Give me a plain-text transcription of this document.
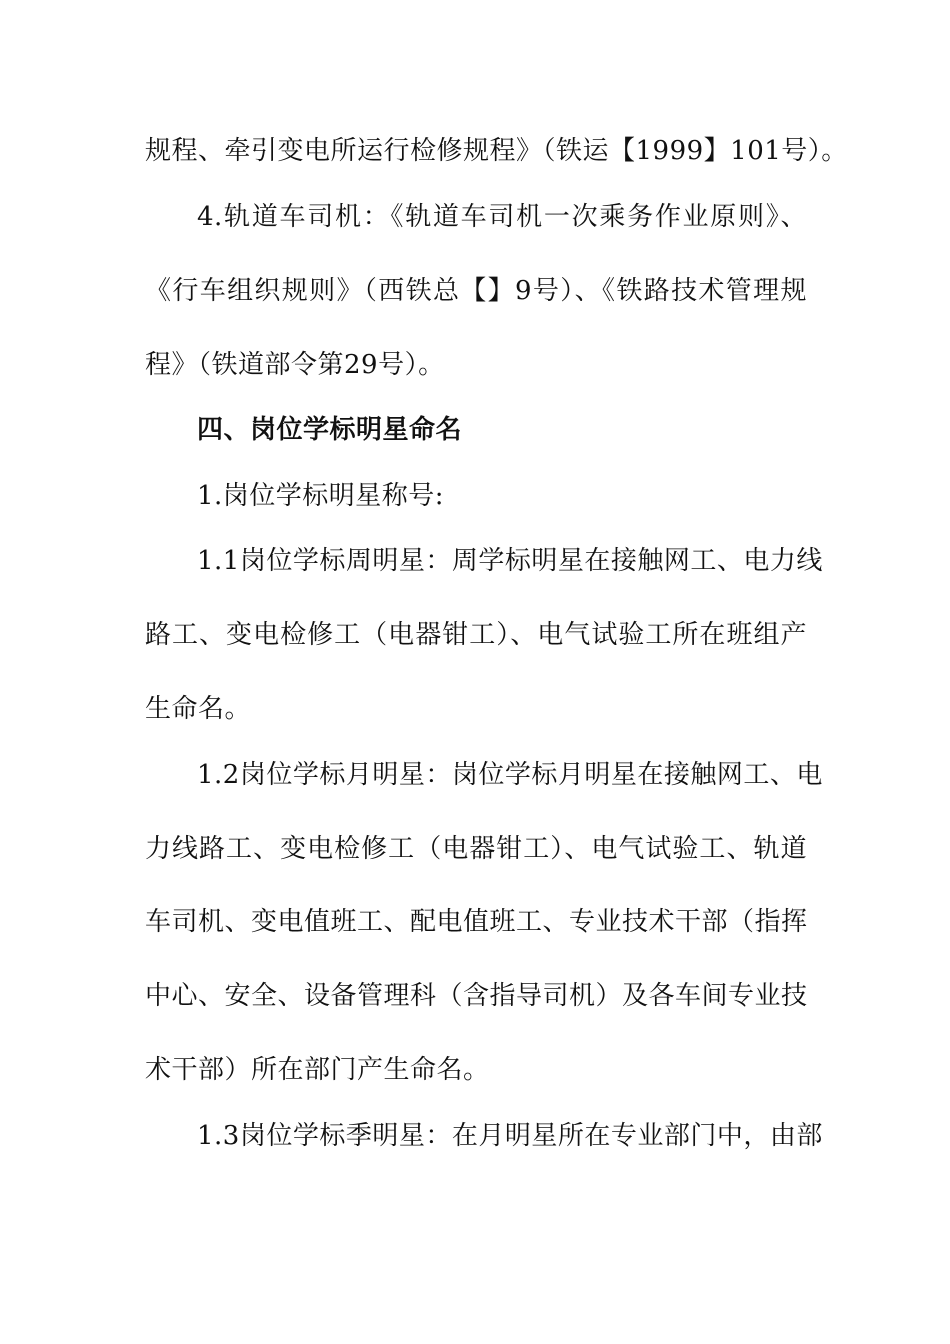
规程、牵引变电所运行检修规程》（铁运【1999】101号）。
4.轨道车司机：《轨道车司机一次乘务作业原则》、
《行车组织规则》（西铁总【】9号）、《铁路技术管理规
程》（铁道部令第29号）。
四、岗位学标明星命名
1.岗位学标明星称号:
1.1岗位学标周明星：周学标明星在接触网工、电力线
路工、变电检修工（电器钳工）、电气试验工所在班组产
生命名。
1.2岗位学标月明星：岗位学标月明星在接触网工、电
力线路工、变电检修工（电器钳工）、电气试验工、轨道
车司机、变电值班工、配电值班工、专业技术干部（指挥
中心、安全、设备管理科（含指导司机）及各车间专业技
术干部）所在部门产生命名。
1.3岗位学标季明星：在月明星所在专业部门中，由部
